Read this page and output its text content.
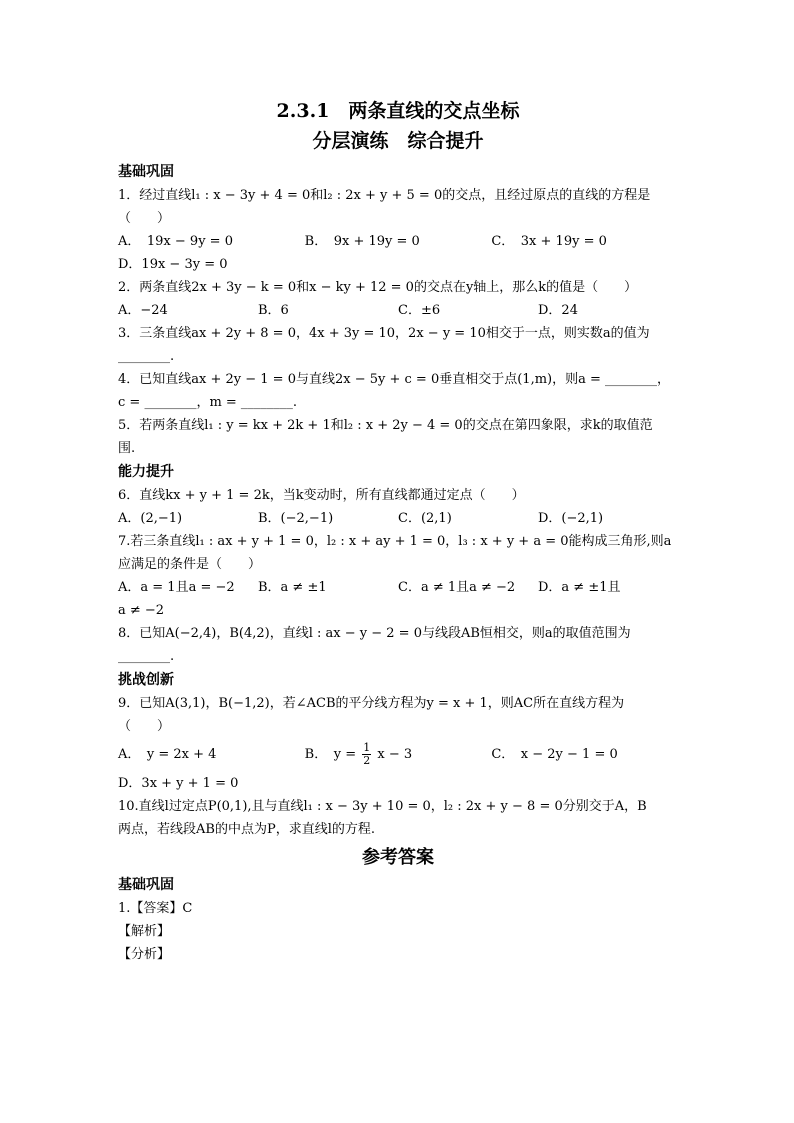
2.3.1　两条直线的交点坐标
分层演练　综合提升
基础巩固
1．经过直线l₁ : x − 3y + 4 = 0和l₂ : 2x + y + 5 = 0的交点，且经过原点的直线的方程是
（　　）
A．　19x − 9y = 0	B．　9x + 19y = 0	C．　3x + 19y = 0
D．19x − 3y = 0
2．两条直线2x + 3y − k = 0和x − ky + 12 = 0的交点在y轴上，那么k的值是（　　）
A．−24	B．6	C．±6	D．24
3．三条直线ax + 2y + 8 = 0，4x + 3y = 10，2x − y = 10相交于一点，则实数a的值为
________.
4．已知直线ax + 2y − 1 = 0与直线2x − 5y + c = 0垂直相交于点(1,m)，则a = ________，
c = ________，m = ________.
5．若两条直线l₁ : y = kx + 2k + 1和l₂ : x + 2y − 4 = 0的交点在第四象限，求k的取值范
围.
能力提升
6．直线kx + y + 1 = 2k，当k变动时，所有直线都通过定点（　　）
A．(2,−1)	B．(−2,−1)	C．(2,1)	D．(−2,1)
7.若三条直线l₁ : ax + y + 1 = 0，l₂ : x + ay + 1 = 0，l₃ : x + y + a = 0能构成三角形,则a
应满足的条件是（　　）
A．a = 1且a = −2	B．a ≠ ±1	C．a ≠ 1且a ≠ −2	D．a ≠ ±1且
a ≠ −2
8．已知A(−2,4)，B(4,2)，直线l : ax − y − 2 = 0与线段AB恒相交，则a的取值范围为
________.
挑战创新
9．已知A(3,1)，B(−1,2)，若∠ACB的平分线方程为y = x + 1，则AC所在直线方程为
（　　）
A．　y = 2x + 4	B．　$y = \frac{1}{2}$ x − 3	C．　x − 2y − 1 = 0
D．3x + y + 1 = 0
10.直线l过定点P(0,1),且与直线l₁ : x − 3y + 10 = 0，l₂ : 2x + y − 8 = 0分别交于A，B
两点，若线段AB的中点为P，求直线l的方程.
参考答案
基础巩固
1.【答案】C
【解析】
【分析】
